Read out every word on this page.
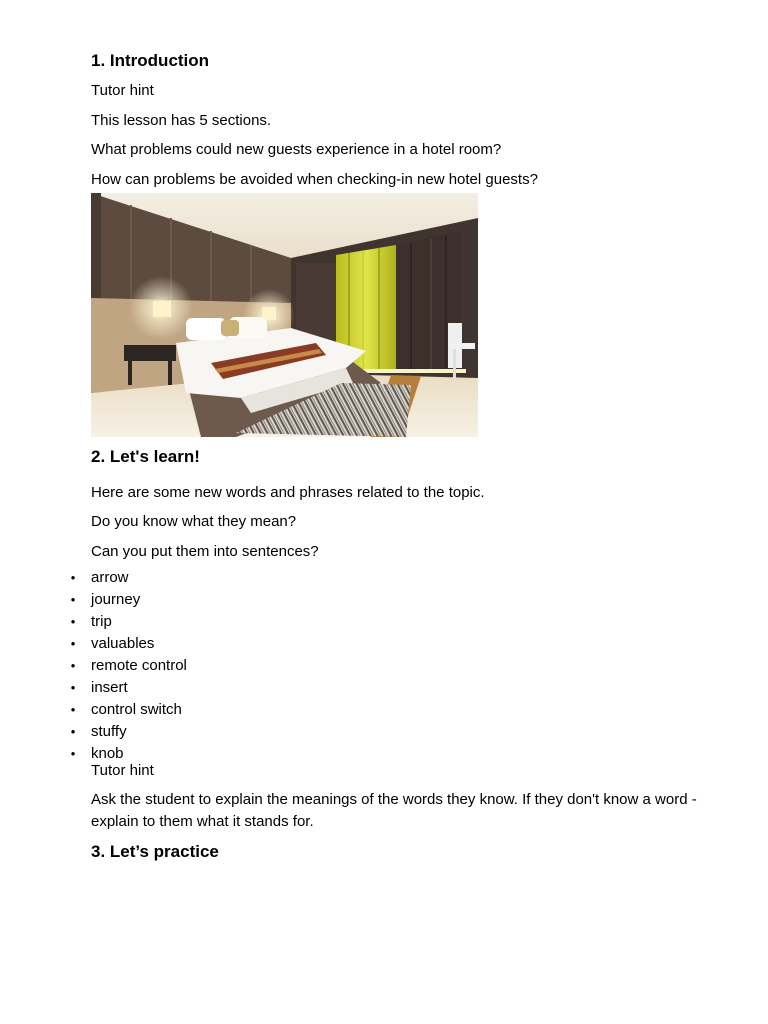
1. Introduction

Tutor hint

This lesson has 5 sections.

What problems could new guests experience in a hotel room?

How can problems be avoided when checking-in new hotel guests?

2. Let's learn!

Here are some new words and phrases related to the topic.

Do you know what they mean?

Can you put them into sentences?

• arrow
• journey
• trip
• valuables
• remote control
• insert
• control switch
• stuffy
• knob

Tutor hint

Ask the student to explain the meanings of the words they know. If they don't know a word - explain to them what it stands for.

3. Let’s practice
